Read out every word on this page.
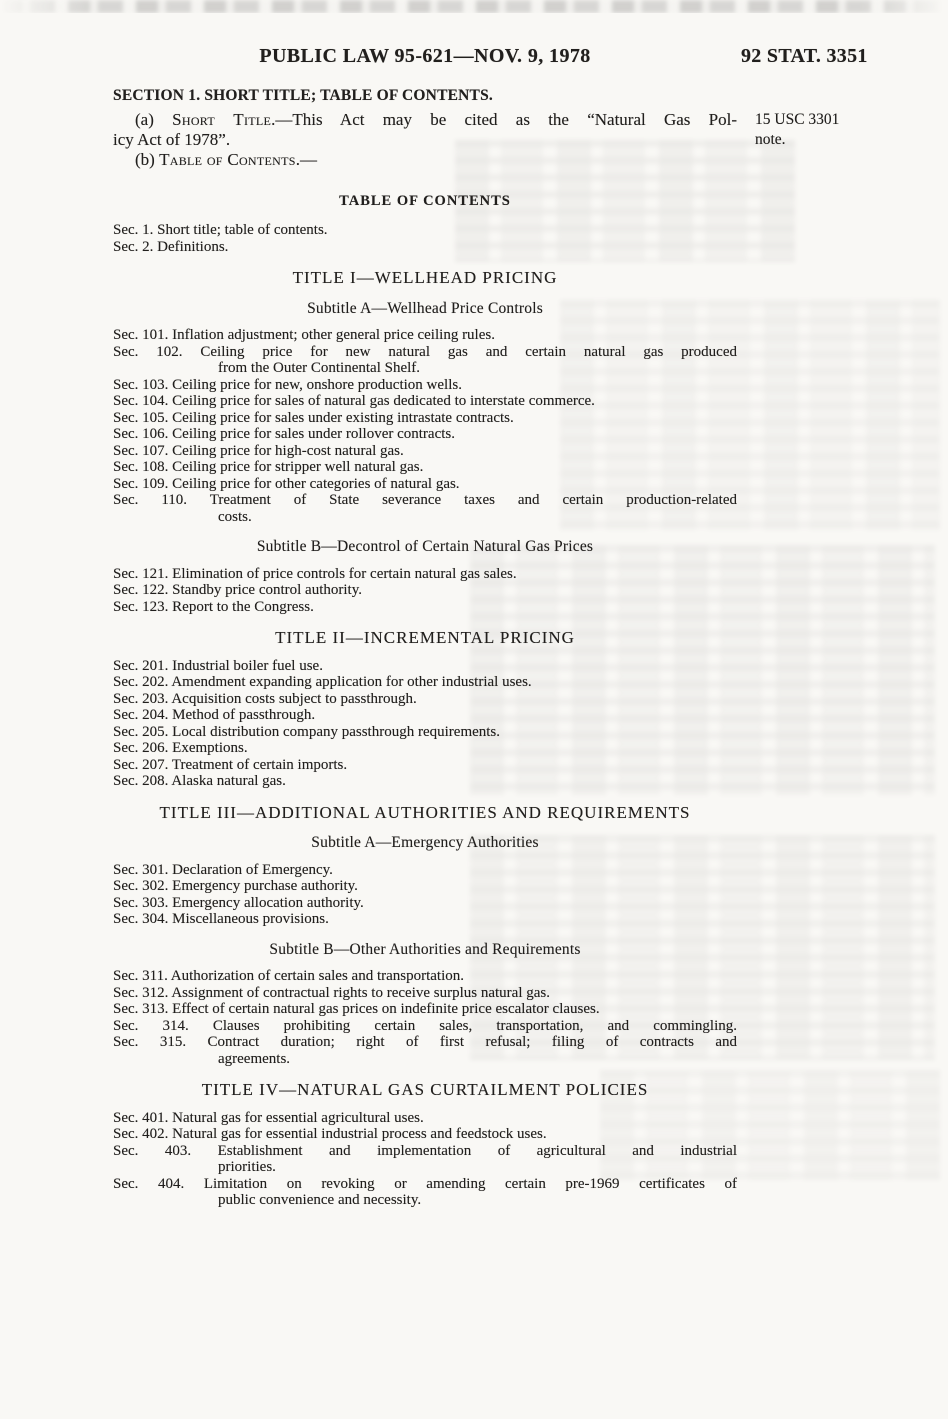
PUBLIC LAW 95-621—NOV. 9, 1978	92 STAT. 3351
15 USC 3301
note.
SECTION 1. SHORT TITLE; TABLE OF CONTENTS.

(a) Short Title.—This Act may be cited as the “Natural Gas Pol-
icy Act of 1978”.

(b) Table of Contents.—

TABLE OF CONTENTS
Sec. 1. Short title; table of contents.
Sec. 2. Definitions.
TITLE I—WELLHEAD PRICING
Subtitle A—Wellhead Price Controls
Sec. 101. Inflation adjustment; other general price ceiling rules.
Sec. 102. Ceiling price for new natural gas and certain natural gas produced
from the Outer Continental Shelf.
Sec. 103. Ceiling price for new, onshore production wells.
Sec. 104. Ceiling price for sales of natural gas dedicated to interstate commerce.
Sec. 105. Ceiling price for sales under existing intrastate contracts.
Sec. 106. Ceiling price for sales under rollover contracts.
Sec. 107. Ceiling price for high-cost natural gas.
Sec. 108. Ceiling price for stripper well natural gas.
Sec. 109. Ceiling price for other categories of natural gas.
Sec. 110. Treatment of State severance taxes and certain production-related
costs.
Subtitle B—Decontrol of Certain Natural Gas Prices
Sec. 121. Elimination of price controls for certain natural gas sales.
Sec. 122. Standby price control authority.
Sec. 123. Report to the Congress.
TITLE II—INCREMENTAL PRICING
Sec. 201. Industrial boiler fuel use.
Sec. 202. Amendment expanding application for other industrial uses.
Sec. 203. Acquisition costs subject to passthrough.
Sec. 204. Method of passthrough.
Sec. 205. Local distribution company passthrough requirements.
Sec. 206. Exemptions.
Sec. 207. Treatment of certain imports.
Sec. 208. Alaska natural gas.
TITLE III—ADDITIONAL AUTHORITIES AND REQUIREMENTS
Subtitle A—Emergency Authorities
Sec. 301. Declaration of Emergency.
Sec. 302. Emergency purchase authority.
Sec. 303. Emergency allocation authority.
Sec. 304. Miscellaneous provisions.
Subtitle B—Other Authorities and Requirements
Sec. 311. Authorization of certain sales and transportation.
Sec. 312. Assignment of contractual rights to receive surplus natural gas.
Sec. 313. Effect of certain natural gas prices on indefinite price escalator clauses.
Sec. 314. Clauses prohibiting certain sales, transportation, and commingling.
Sec. 315. Contract duration; right of first refusal; filing of contracts and
agreements.
TITLE IV—NATURAL GAS CURTAILMENT POLICIES
Sec. 401. Natural gas for essential agricultural uses.
Sec. 402. Natural gas for essential industrial process and feedstock uses.
Sec. 403. Establishment and implementation of agricultural and industrial
priorities.
Sec. 404. Limitation on revoking or amending certain pre-1969 certificates of
public convenience and necessity.
